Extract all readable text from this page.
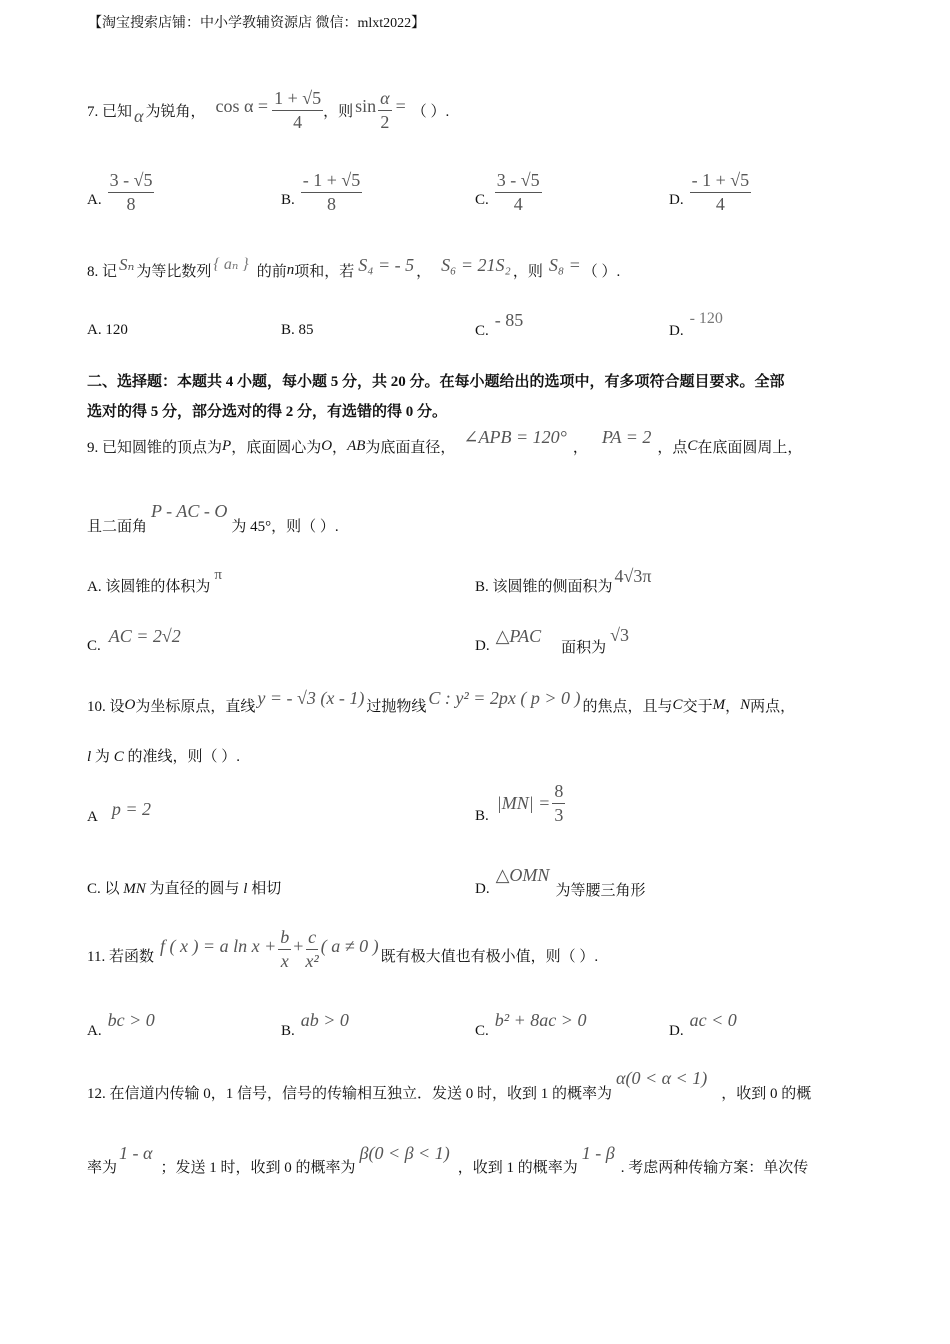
【淘宝搜索店铺：中小学教辅资源店 微信：mlxt2022】
7. 已知 α 为锐角， $\cos \alpha = \frac{1 + √5}{4}$ ，则 $\sin \frac{\alpha}{2}$ = （ ）.
A. $\frac{3 - √5}{8}$	B. $\frac{- 1 + √5}{8}$	C. $\frac{3 - √5}{4}$	D. $\frac{- 1 + √5}{4}$
8. 记 Sₙ 为等比数列 { aₙ } 的前 n 项和，若 S₄ = - 5 ， S₆ = 21S₂ ，则 S₈ = （ ）.
A. 120	B. 85	C.
- 85
D.
- 120
二、选择题：本题共 4 小题，每小题 5 分，共 20 分。在每小题给出的选项中，有多项符合题目要求。全部
选对的得 5 分，部分选对的得 2 分，有选错的得 0 分。
9. 已知圆锥的顶点为 P ，底面圆心为 O ， AB 为底面直径，
∠APB = 120°
，
PA = 2
，点 C 在底面圆周上，
且二面角
P - AC - O
为 45°，则（ ）.
A. 该圆锥的体积为
π
B. 该圆锥的侧面积为
4√3π
C. AC = 2√2	D. △PAC
面积为
√3
10. 设 O 为坐标原点，直线 y = - √3 (x - 1) 过抛物线 C : y² = 2px ( p > 0 ) 的焦点，且与 C 交于 M ， N 两点，
l 为 C 的准线，则（ ）.
A p = 2	B.
$|MN| = \frac{8}{3}$
C. 以 MN 为直径的圆与 l 相切	D.
△OMN
为等腰三角形
11. 若函数
f ( x ) = a $\ln x + \frac{b}{x} + \frac{c}{\text{x²}}$ ( a ≠ 0 )
既有极大值也有极小值，则（ ）.
A.
bc > 0
B.
ab > 0
C.
b² + 8ac > 0
D.
ac < 0
12. 在信道内传输 0，1 信号，信号的传输相互独立．发送 0 时，收到 1 的概率为
α(0 < α < 1)
，收到 0 的概
率为
1 - α
；发送 1 时，收到 0 的概率为
β(0 < β < 1)
，收到 1 的概率为
1 - β
. 考虑两种传输方案：单次传
